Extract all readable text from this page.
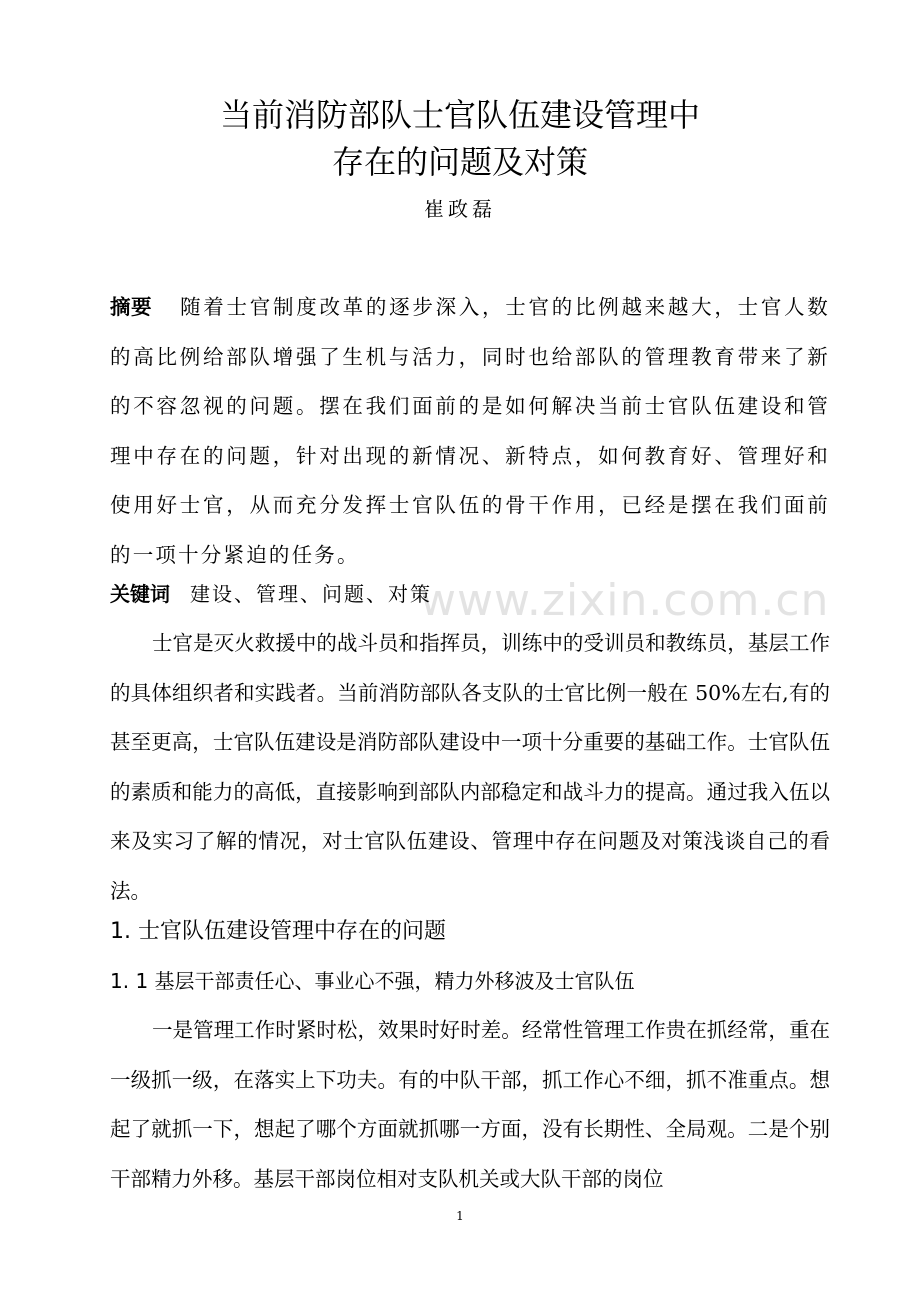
www.zixin.com.cn
当前消防部队士官队伍建设管理中
存在的问题及对策
崔政磊

摘要 随着士官制度改革的逐步深入，士官的比例越来越大，士官人数的高比例给部队增强了生机与活力，同时也给部队的管理教育带来了新的不容忽视的问题。摆在我们面前的是如何解决当前士官队伍建设和管理中存在的问题，针对出现的新情况、新特点，如何教育好、管理好和使用好士官，从而充分发挥士官队伍的骨干作用，已经是摆在我们面前的一项十分紧迫的任务。

关键词 建设、管理、问题、对策

士官是灭火救援中的战斗员和指挥员，训练中的受训员和教练员，基层工作的具体组织者和实践者。当前消防部队各支队的士官比例一般在 50%左右,有的甚至更高，士官队伍建设是消防部队建设中一项十分重要的基础工作。士官队伍的素质和能力的高低，直接影响到部队内部稳定和战斗力的提高。通过我入伍以来及实习了解的情况，对士官队伍建设、管理中存在问题及对策浅谈自己的看法。

1. 士官队伍建设管理中存在的问题
1. 1 基层干部责任心、事业心不强，精力外移波及士官队伍

一是管理工作时紧时松，效果时好时差。经常性管理工作贵在抓经常，重在一级抓一级，在落实上下功夫。有的中队干部，抓工作心不细，抓不准重点。想起了就抓一下，想起了哪个方面就抓哪一方面，没有长期性、全局观。二是个别干部精力外移。基层干部岗位相对支队机关或大队干部的岗位

1
